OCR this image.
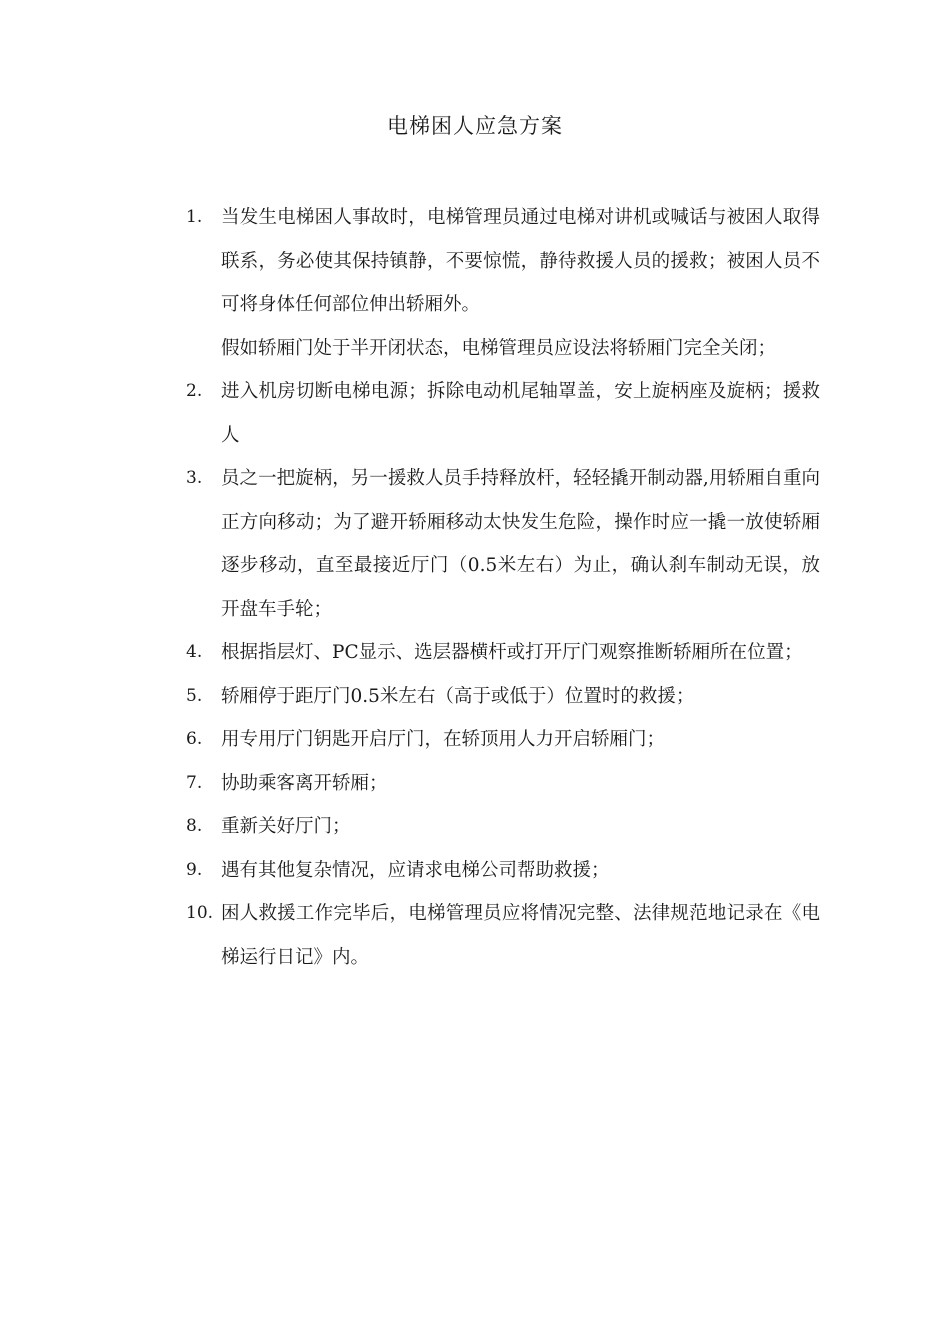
电梯困人应急方案
1.	当发生电梯困人事故时，电梯管理员通过电梯对讲机或喊话与被困人取得联系，务必使其保持镇静，不要惊慌，静待救援人员的援救；被困人员不可将身体任何部位伸出轿厢外。

假如轿厢门处于半开闭状态，电梯管理员应设法将轿厢门完全关闭；

2.	进入机房切断电梯电源；拆除电动机尾轴罩盖，安上旋柄座及旋柄；援救人

3.	员之一把旋柄，另一援救人员手持释放杆，轻轻撬开制动器,用轿厢自重向正方向移动；为了避开轿厢移动太快发生危险，操作时应一撬一放使轿厢逐步移动，直至最接近厅门（0.5米左右）为止，确认刹车制动无误，放开盘车手轮；

4.	根据指层灯、PC显示、选层器横杆或打开厅门观察推断轿厢所在位置；

5.	轿厢停于距厅门0.5米左右（高于或低于）位置时的救援；

6.	用专用厅门钥匙开启厅门，在轿顶用人力开启轿厢门；

7.	协助乘客离开轿厢；

8.	重新关好厅门；

9.	遇有其他复杂情况，应请求电梯公司帮助救援；

10. 困人救援工作完毕后，电梯管理员应将情况完整、法律规范地记录在《电梯运行日记》内。
